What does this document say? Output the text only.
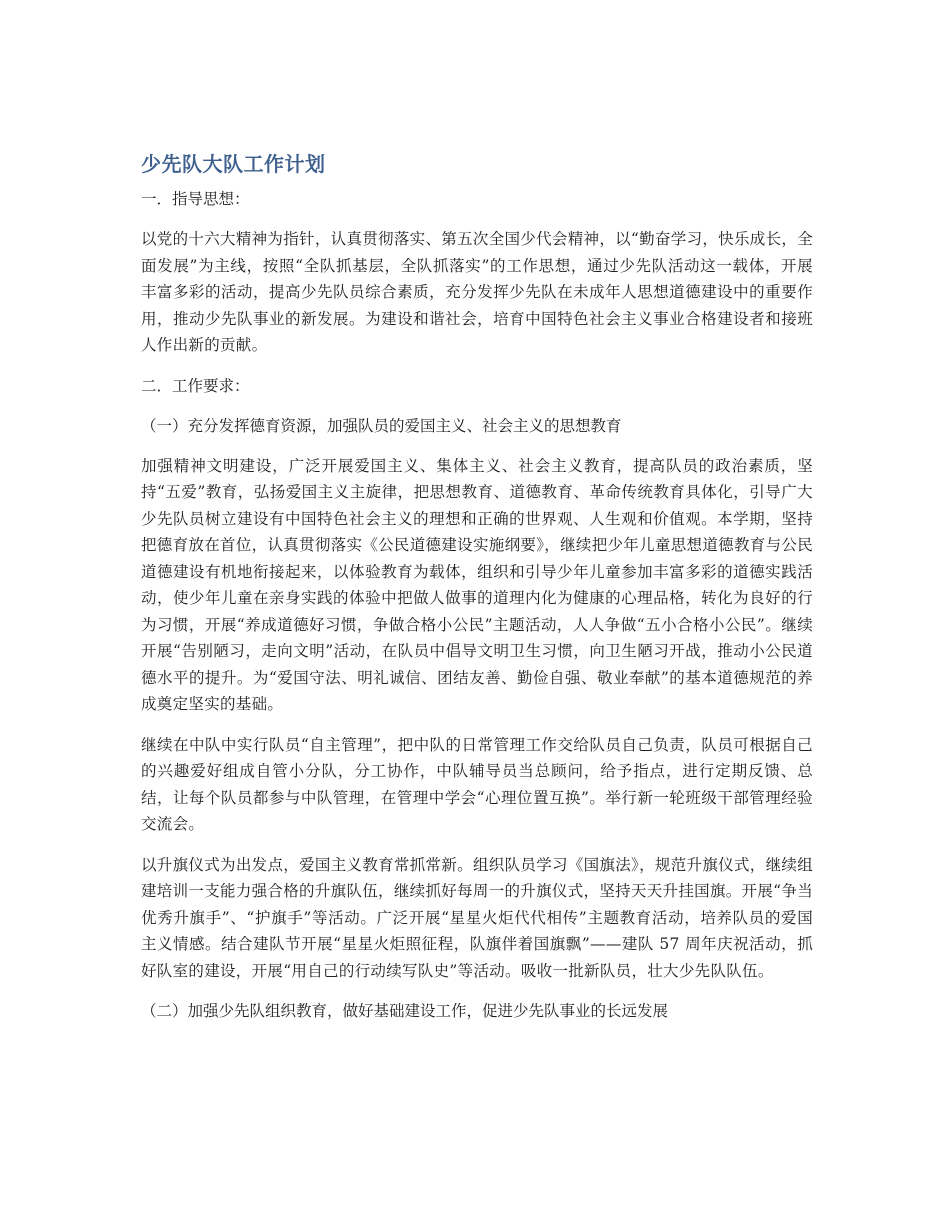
少先队大队工作计划
一．指导思想：

以党的十六大精神为指针，认真贯彻落实、第五次全国少代会精神，以“勤奋学习，快乐成长，全面发展”为主线，按照“全队抓基层，全队抓落实”的工作思想，通过少先队活动这一载体，开展丰富多彩的活动，提高少先队员综合素质，充分发挥少先队在未成年人思想道德建设中的重要作用，推动少先队事业的新发展。为建设和谐社会，培育中国特色社会主义事业合格建设者和接班人作出新的贡献。

二．工作要求：
（一）充分发挥德育资源，加强队员的爱国主义、社会主义的思想教育

加强精神文明建设，广泛开展爱国主义、集体主义、社会主义教育，提高队员的政治素质，坚持“五爱”教育，弘扬爱国主义主旋律，把思想教育、道德教育、革命传统教育具体化，引导广大少先队员树立建设有中国特色社会主义的理想和正确的世界观、人生观和价值观。本学期，坚持把德育放在首位，认真贯彻落实《公民道德建设实施纲要》，继续把少年儿童思想道德教育与公民道德建设有机地衔接起来，以体验教育为载体，组织和引导少年儿童参加丰富多彩的道德实践活动，使少年儿童在亲身实践的体验中把做人做事的道理内化为健康的心理品格，转化为良好的行为习惯，开展“养成道德好习惯，争做合格小公民”主题活动，人人争做“五小合格小公民”。继续开展“告别陋习，走向文明”活动，在队员中倡导文明卫生习惯，向卫生陋习开战，推动小公民道德水平的提升。为“爱国守法、明礼诚信、团结友善、勤俭自强、敬业奉献”的基本道德规范的养成奠定坚实的基础。

继续在中队中实行队员“自主管理”，把中队的日常管理工作交给队员自己负责，队员可根据自己的兴趣爱好组成自管小分队，分工协作，中队辅导员当总顾问，给予指点，进行定期反馈、总结，让每个队员都参与中队管理，在管理中学会“心理位置互换”。举行新一轮班级干部管理经验交流会。

以升旗仪式为出发点，爱国主义教育常抓常新。组织队员学习《国旗法》，规范升旗仪式，继续组建培训一支能力强合格的升旗队伍，继续抓好每周一的升旗仪式，坚持天天升挂国旗。开展“争当优秀升旗手”、“护旗手”等活动。广泛开展“星星火炬代代相传”主题教育活动，培养队员的爱国主义情感。结合建队节开展“星星火炬照征程，队旗伴着国旗飘”——建队 57 周年庆祝活动，抓好队室的建设，开展“用自己的行动续写队史”等活动。吸收一批新队员，壮大少先队队伍。

（二）加强少先队组织教育，做好基础建设工作，促进少先队事业的长远发展
